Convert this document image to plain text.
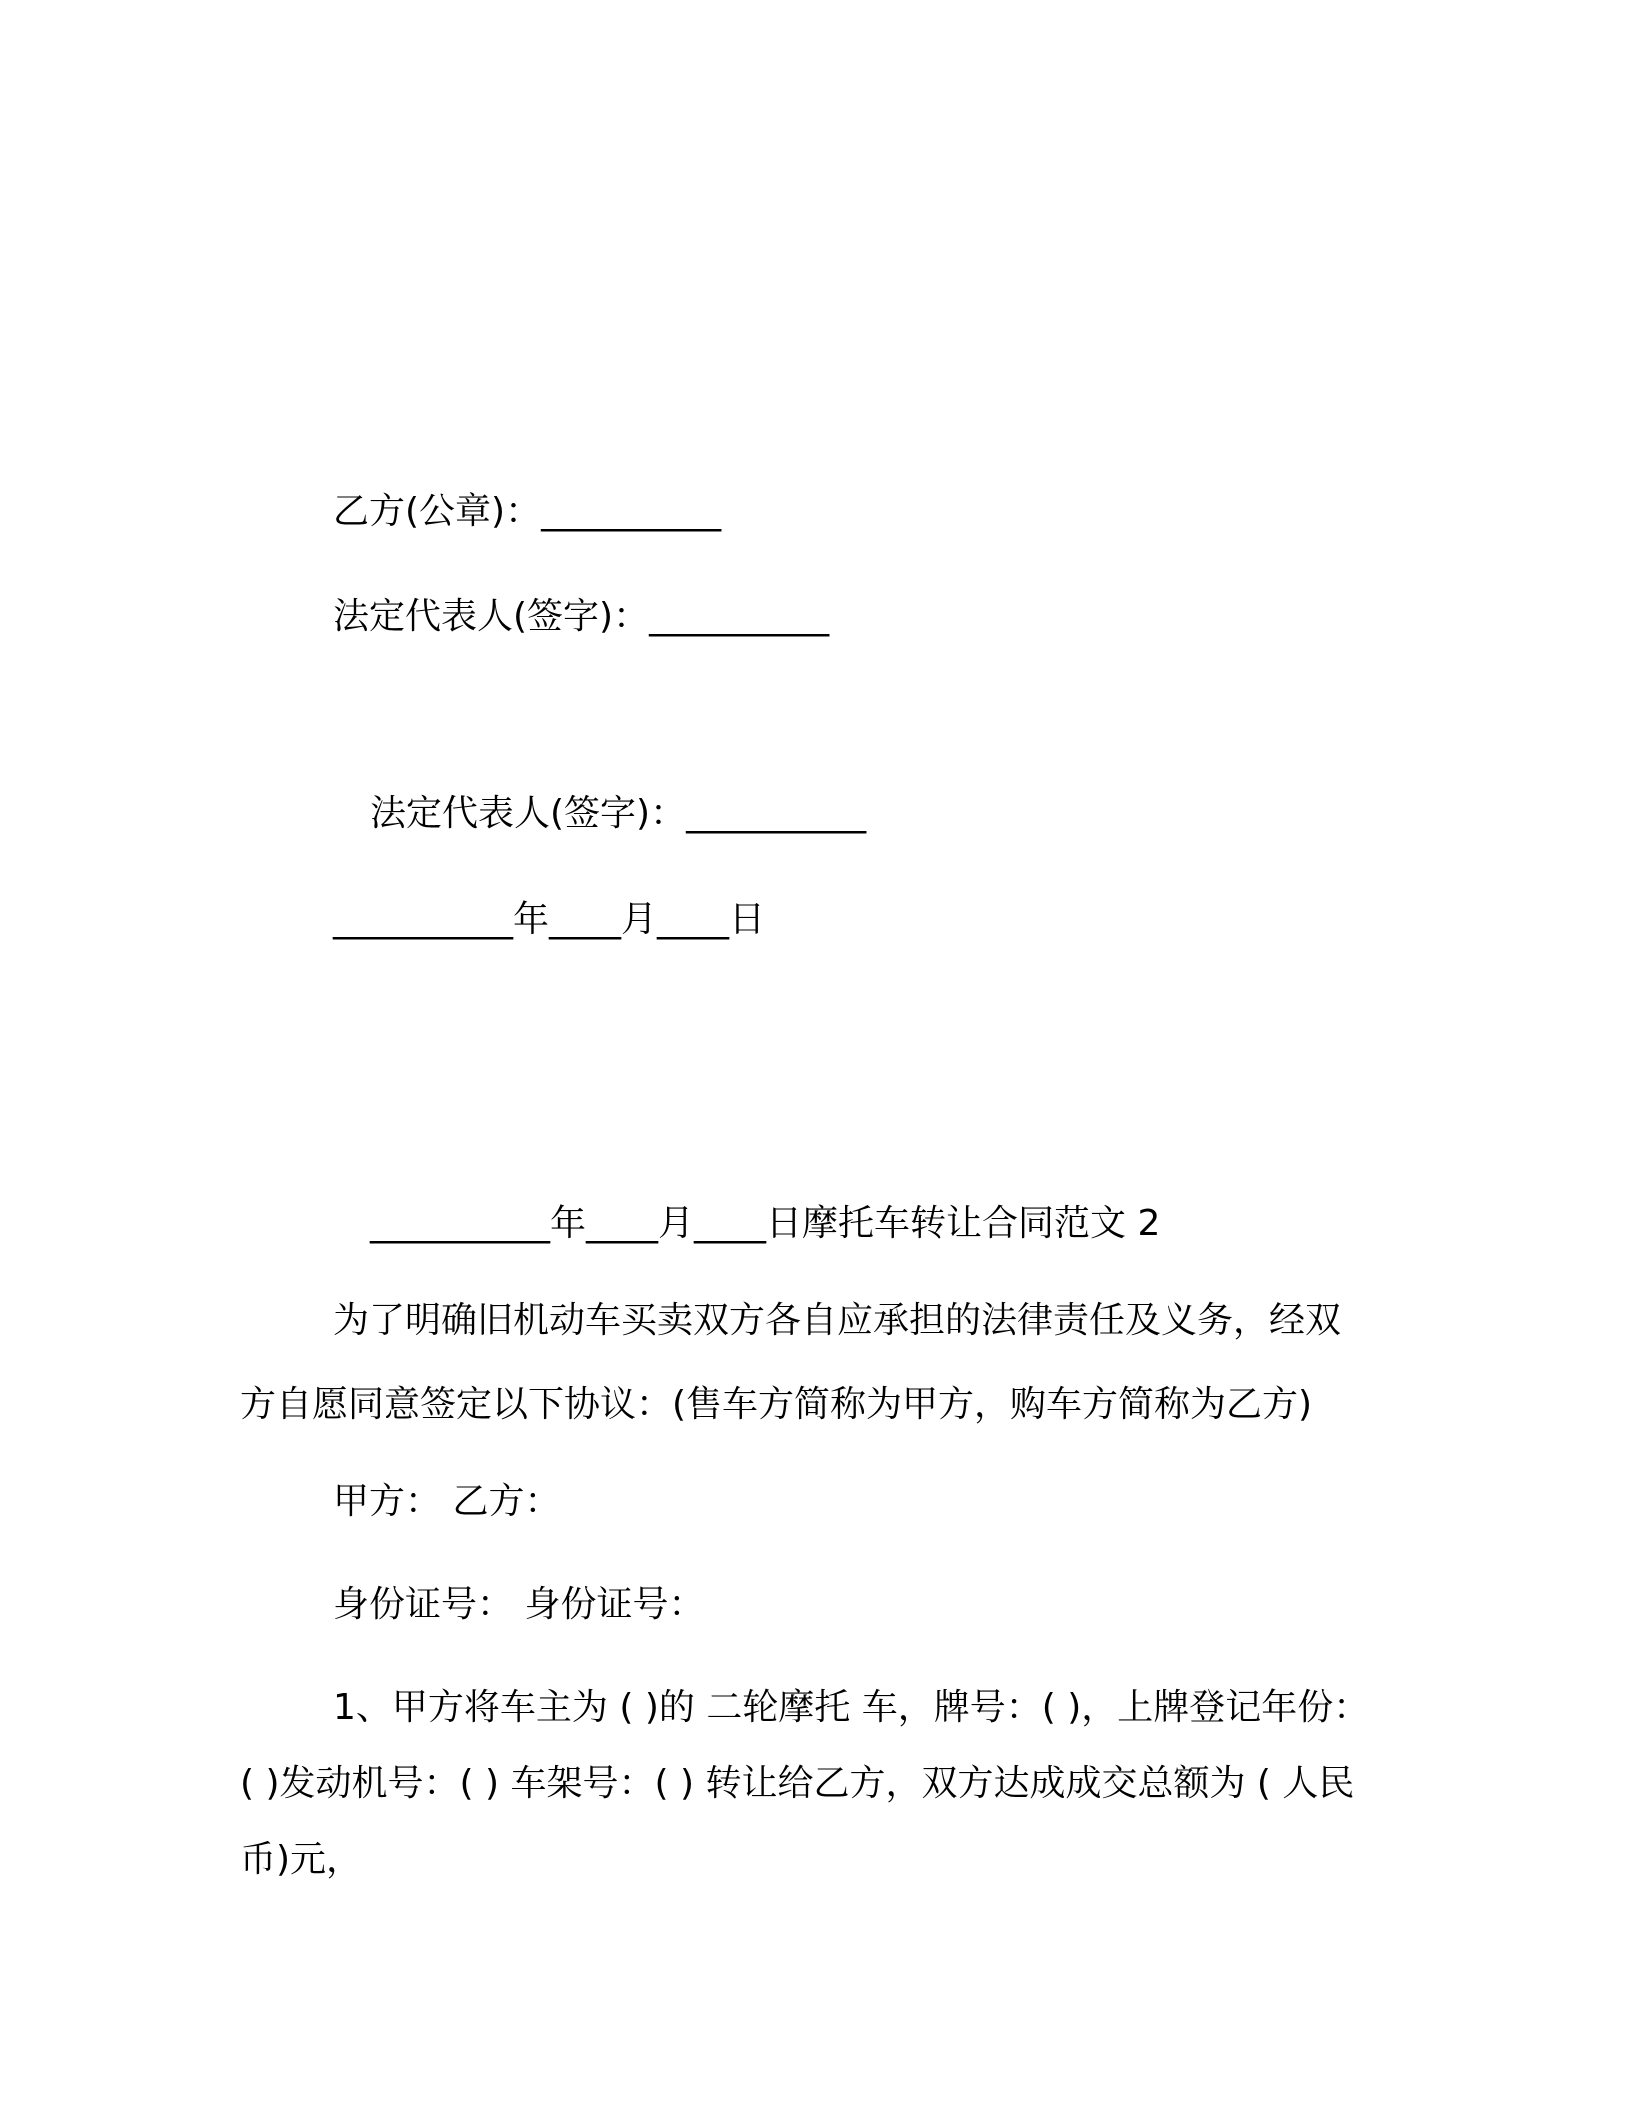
乙方(公章)：__________
法定代表人(签字)：__________
法定代表人(签字)：__________
__________年____月____日
__________年____月____日摩托车转让合同范文 2
为了明确旧机动车买卖双方各自应承担的法律责任及义务，经双
方自愿同意签定以下协议：(售车方简称为甲方，购车方简称为乙方)
甲方： 乙方：
身份证号： 身份证号：
1、甲方将车主为 ( )的 二轮摩托 车，牌号：( )，上牌登记年份：
( )发动机号：( ) 车架号：( ) 转让给乙方，双方达成成交总额为 ( 人民
币)元，
